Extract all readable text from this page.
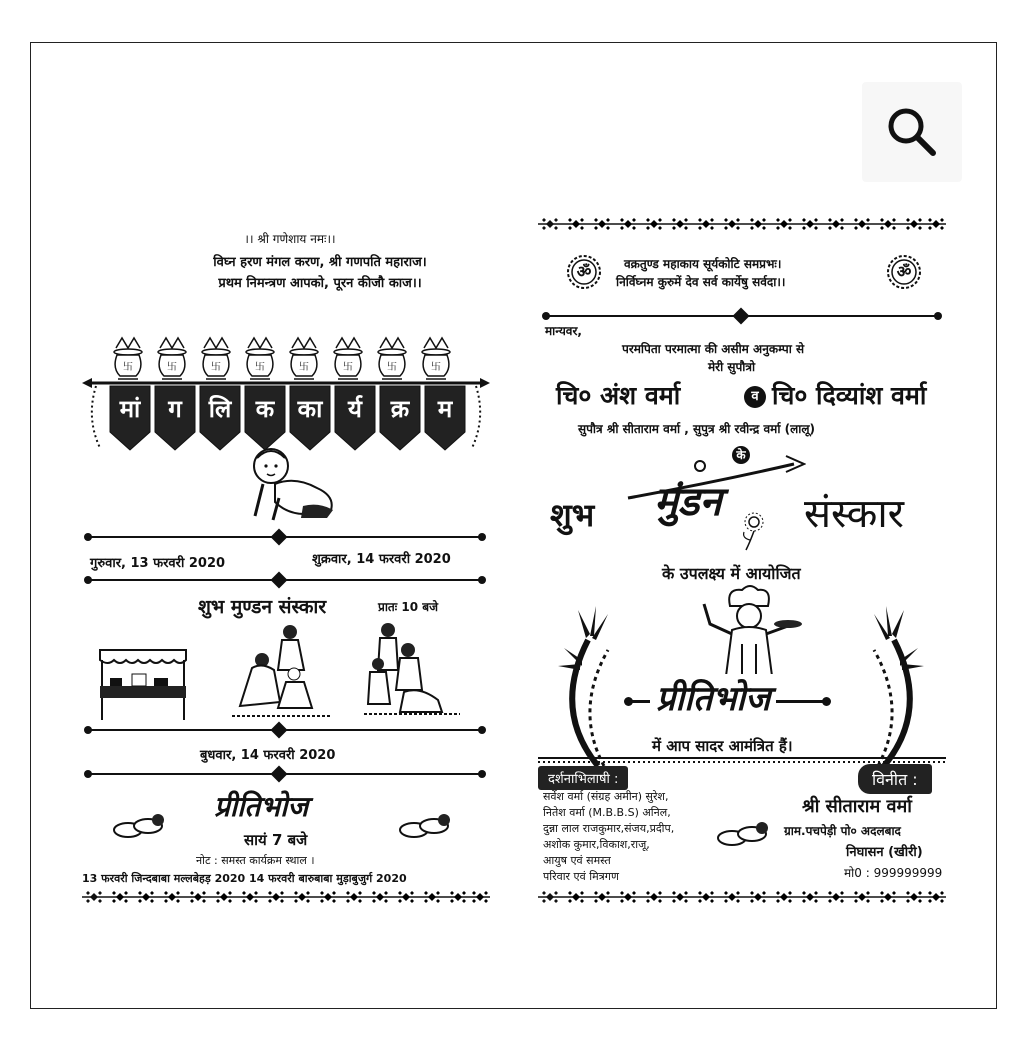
।। श्री गणेशाय नमः।।
विघ्न हरण मंगल करण, श्री गणपति महाराज।
प्रथम निमन्त्रण आपको, पूरन कीजौ काज।।
卐
मां	ग	लि	क का	र्य	क्र	म
गुरुवार, 13 फरवरी 2020	शुक्रवार, 14 फरवरी 2020
शुभ मुण्डन संस्कार	प्रातः 10 बजे
बुधवार, 14 फरवरी 2020
प्रीतिभोज
सायं 7 बजे
नोट : समस्त कार्यक्रम स्थाल ।
13 फरवरी जिन्दबाबा मल्लबेहड़ 2020 14 फरवरी बारुबाबा मुड़ाबुजुर्ग 2020
ॐ	वक्रतुण्ड महाकाय सूर्यकोटि समप्रभः।
निर्विघ्नम कुरुमें देव सर्व कार्येषु सर्वदा।।
ॐ
मान्यवर,
परमपिता परमात्मा की असीम अनुकम्पा से
मेरी सुपौत्रो
चि० अंश वर्मा	व चि० दिव्यांश वर्मा
सुपौत्र श्री सीताराम वर्मा , सुपुत्र श्री रवीन्द्र वर्मा (लालू)
शुभ
के
मुंडन संस्कार
के उपलक्ष्य में आयोजित
प्रीतिभोज
में आप सादर आमंत्रित हैं।
दर्शनाभिलाषी :	विनीत :
सर्वेश वर्मा (संग्रह अमीन) सुरेश,
नितेश वर्मा (M.B.B.S) अनिल,
दुन्ना लाल राजकुमार,संजय,प्रदीप,
अशोक कुमार,विकाश,राजू,
आयुष एवं समस्त
परिवार एवं मित्रगण
श्री सीताराम वर्मा
ग्राम.पचपेड़ी पो० अदलबाद
निघासन (खीरी)
मो0 : 999999999
मांगलिक कार्यक्रम
